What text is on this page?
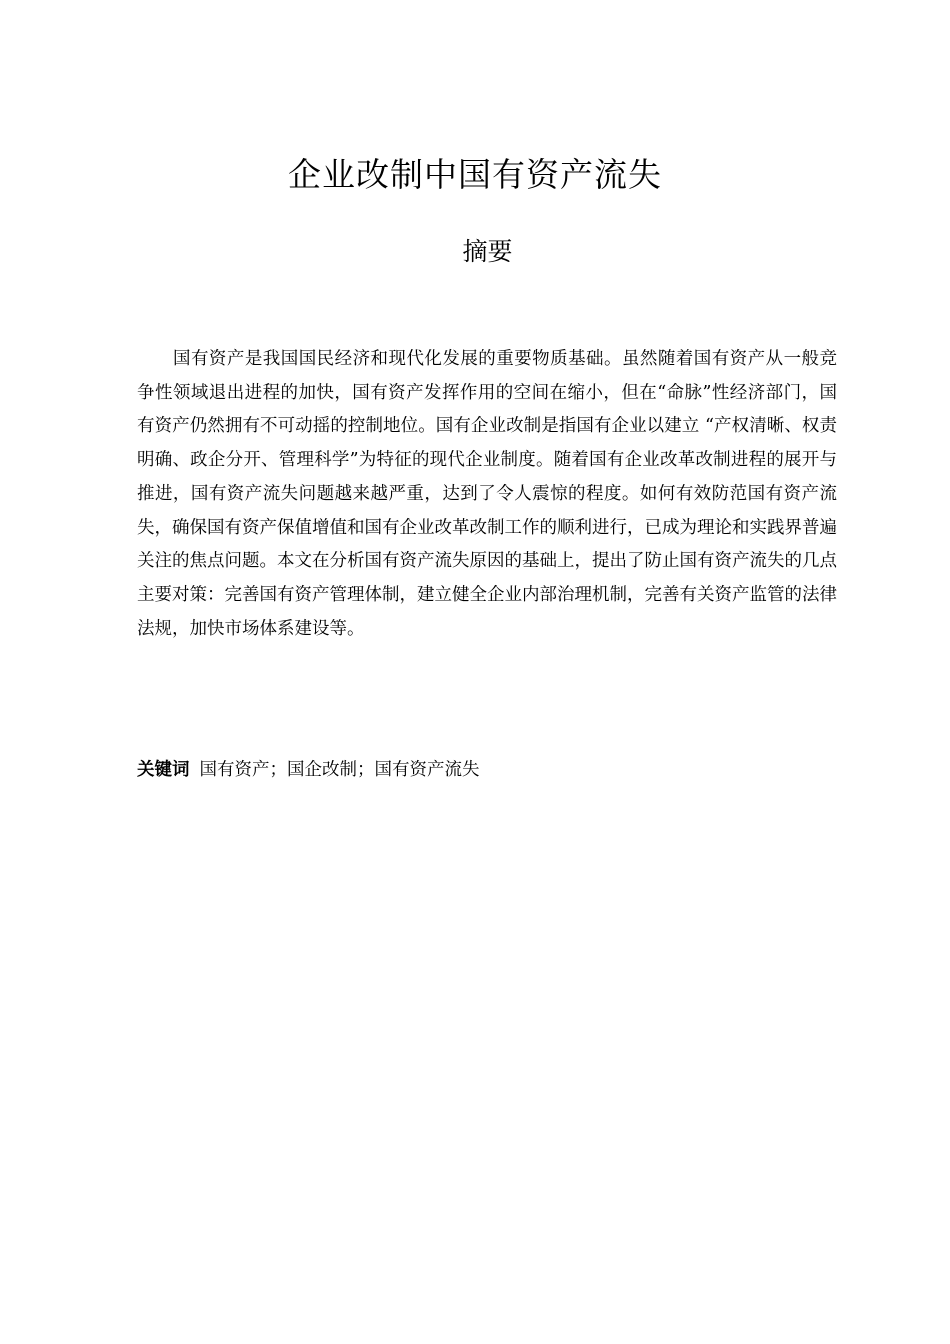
企业改制中国有资产流失
摘要

国有资产是我国国民经济和现代化发展的重要物质基础。虽然随着国有资产从一般竞争性领域退出进程的加快，国有资产发挥作用的空间在缩小，但在“命脉”性经济部门，国有资产仍然拥有不可动摇的控制地位。国有企业改制是指国有企业以建立 “产权清晰、权责明确、政企分开、管理科学”为特征的现代企业制度。随着国有企业改革改制进程的展开与推进，国有资产流失问题越来越严重，达到了令人震惊的程度。如何有效防范国有资产流失，确保国有资产保值增值和国有企业改革改制工作的顺利进行，已成为理论和实践界普遍关注的焦点问题。本文在分析国有资产流失原因的基础上，提出了防止国有资产流失的几点主要对策：完善国有资产管理体制，建立健全企业内部治理机制，完善有关资产监管的法律法规，加快市场体系建设等。

关键词 国有资产；国企改制；国有资产流失
